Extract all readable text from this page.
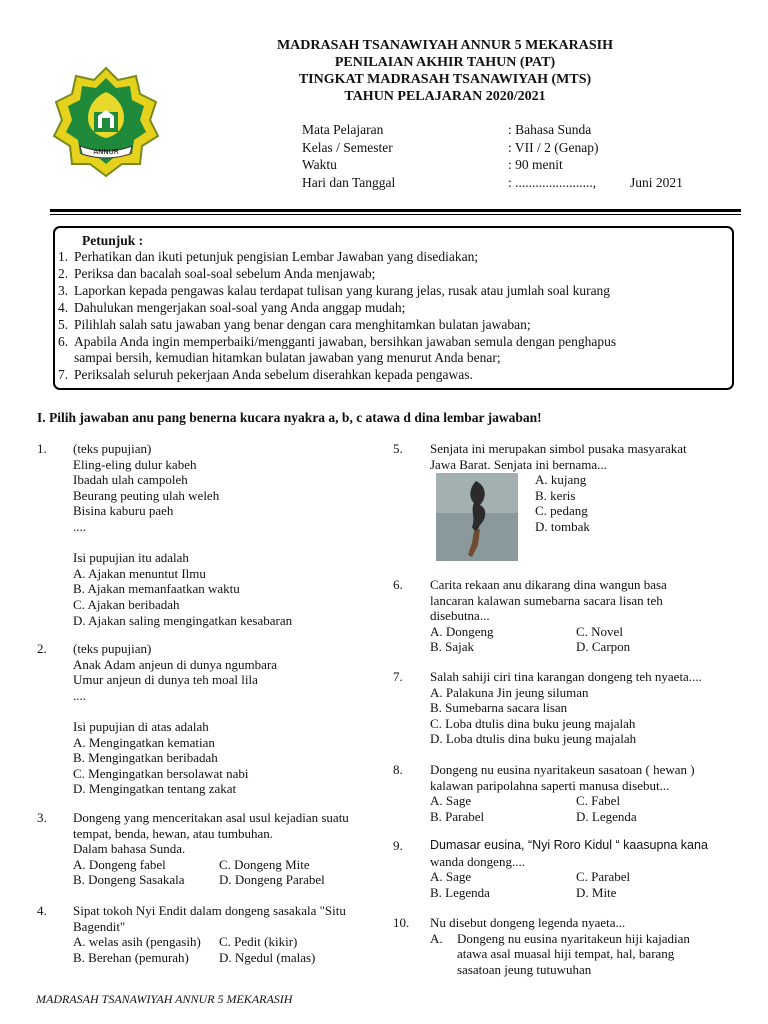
MADRASAH TSANAWIYAH ANNUR 5 MEKARASIH
PENILAIAN AKHIR TAHUN (PAT)
TINGKAT MADRASAH TSANAWIYAH (MTS)
TAHUN PELAJARAN 2020/2021
ANNUR
Mata Pelajaran	: Bahasa Sunda
Kelas / Semester	: VII / 2 (Genap)
Waktu	: 90 menit
Hari dan Tanggal	: .......................,	Juni 2021
Petunjuk :
1. Perhatikan dan ikuti petunjuk pengisian Lembar Jawaban yang disediakan;
2. Periksa dan bacalah soal-soal sebelum Anda menjawab;
3. Laporkan kepada pengawas kalau terdapat tulisan yang kurang jelas, rusak atau jumlah soal kurang
4. Dahulukan mengerjakan soal-soal yang Anda anggap mudah;
5. Pilihlah salah satu jawaban yang benar dengan cara menghitamkan bulatan jawaban;
6. Apabila Anda ingin memperbaiki/mengganti jawaban, bersihkan jawaban semula dengan penghapus
sampai bersih, kemudian hitamkan bulatan jawaban yang menurut Anda benar;
7. Periksalah seluruh pekerjaan Anda sebelum diserahkan kepada pengawas.
I. Pilih jawaban anu pang benerna kucara nyakra a, b, c atawa d dina lembar jawaban!
1. (teks pupujian)
Eling-eling dulur kabeh
Ibadah ulah campoleh
Beurang peuting ulah weleh
Bisina kaburu paeh
....
Isi pupujian itu adalah
A. Ajakan menuntut Ilmu
B. Ajakan memanfaatkan waktu
C. Ajakan beribadah
D. Ajakan saling mengingatkan kesabaran
2. (teks pupujian)
Anak Adam anjeun di dunya ngumbara
Umur anjeun di dunya teh moal lila
....
Isi pupujian di atas adalah
A. Mengingatkan kematian
B. Mengingatkan beribadah
C. Mengingatkan bersolawat nabi
D. Mengingatkan tentang zakat
3. Dongeng yang menceritakan asal usul kejadian suatu
tempat, benda, hewan, atau tumbuhan.
Dalam bahasa Sunda.
A. Dongeng fabel	C. Dongeng Mite
B. Dongeng Sasakala	D. Dongeng Parabel
4. Sipat tokoh Nyi Endit dalam dongeng sasakala "Situ
Bagendit"
A. welas asih (pengasih)	C. Pedit (kikir)
B. Berehan (pemurah)	D. Ngedul (malas)
5. Senjata ini merupakan simbol pusaka masyarakat
Jawa Barat. Senjata ini bernama...
A. kujang
B. keris
C. pedang
D. tombak
6. Carita rekaan anu dikarang dina wangun basa
lancaran kalawan sumebarna sacara lisan teh
disebutna...
A. Dongeng	C. Novel
B. Sajak	D. Carpon
7. Salah sahiji ciri tina karangan dongeng teh nyaeta....
A. Palakuna Jin jeung siluman
B. Sumebarna sacara lisan
C. Loba dtulis dina buku jeung majalah
D. Loba dtulis dina buku jeung majalah
8. Dongeng nu eusina nyaritakeun sasatoan ( hewan )
kalawan paripolahna saperti manusa disebut...
A. Sage	C. Fabel
B. Parabel	D. Legenda
9. Dumasar eusina, “Nyi Roro Kidul “ kaasupna kana
wanda dongeng....
A. Sage	C. Parabel
B. Legenda	D. Mite
10. Nu disebut dongeng legenda nyaeta...
A.	Dongeng nu eusina nyaritakeun hiji kajadian
atawa asal muasal hiji tempat, hal, barang
sasatoan jeung tutuwuhan
MADRASAH TSANAWIYAH ANNUR 5 MEKARASIH
